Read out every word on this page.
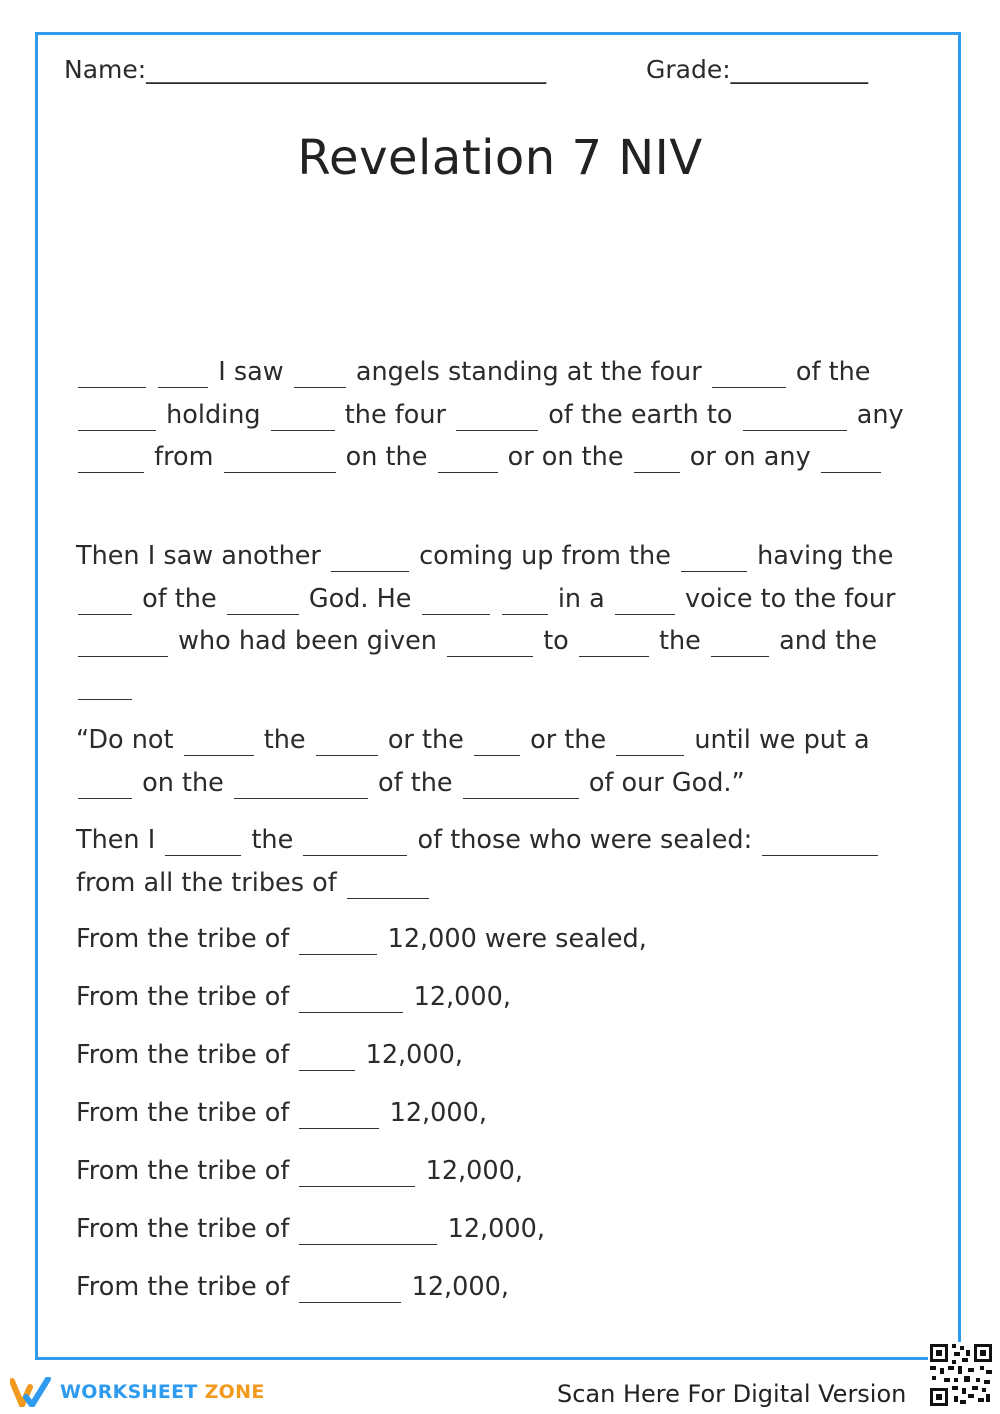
Name:________________________________	Grade:___________
Revelation 7 NIV
I saw	angels standing at the four	of the
holding	the four	of the earth to	any
from	on the	or on the	or on any
Then I saw another	coming up from the	having the
of the	God. He	in a	voice to the four
who had been given	to	the	and the
“Do not	the	or the	or the	until we put a
on the	of the	of our God.”
Then I	the	of those who were sealed:
from all the tribes of
From the tribe of	12,000 were sealed,
From the tribe of	12,000,
From the tribe of	12,000,
From the tribe of	12,000,
From the tribe of	12,000,
From the tribe of	12,000,
From the tribe of	12,000,
WORKSHEET ZONE	Scan Here For Digital Version
